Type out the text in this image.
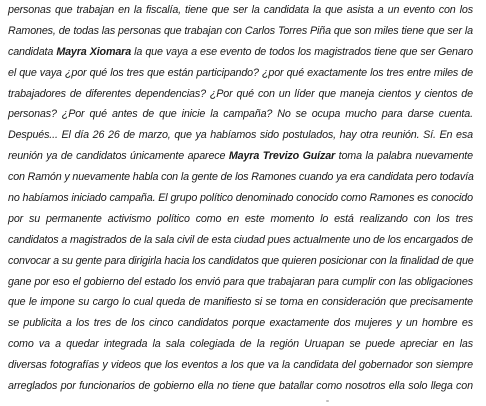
personas que trabajan en la fiscalía, tiene que ser la candidata la que asista a un evento con los
Ramones, de todas las personas que trabajan con Carlos Torres Piña que son miles tiene que ser la
candidata Mayra Xiomara la que vaya a ese evento de todos los magistrados tiene que ser Genaro
el que vaya ¿por qué los tres que están participando? ¿por qué exactamente los tres entre miles de
trabajadores de diferentes dependencias? ¿Por qué con un líder que maneja cientos y cientos de
personas? ¿Por qué antes de que inicie la campaña? No se ocupa mucho para darse cuenta.
Después... El día 26 26 de marzo, que ya habíamos sido postulados, hay otra reunión. Sí. En esa
reunión ya de candidatos únicamente aparece Mayra Trevizo Guízar toma la palabra nuevamente
con Ramón y nuevamente habla con la gente de los Ramones cuando ya era candidata pero todavía
no habíamos iniciado campaña. El grupo político denominado conocido como Ramones es conocido
por su permanente activismo político como en este momento lo está realizando con los tres
candidatos a magistrados de la sala civil de esta ciudad pues actualmente uno de los encargados de
convocar a su gente para dirigirla hacia los candidatos que quieren posicionar con la finalidad de que
gane por eso el gobierno del estado los envió para que trabajaran para cumplir con las obligaciones
que le impone su cargo lo cual queda de manifiesto si se toma en consideración que precisamente
se publicita a los tres de los cinco candidatos porque exactamente dos mujeres y un hombre es
como va a quedar integrada la sala colegiada de la región Uruapan se puede apreciar en las
diversas fotografías y videos que los eventos a los que va la candidata del gobernador son siempre
arreglados por funcionarios de gobierno ella no tiene que batallar como nosotros ella solo llega con
